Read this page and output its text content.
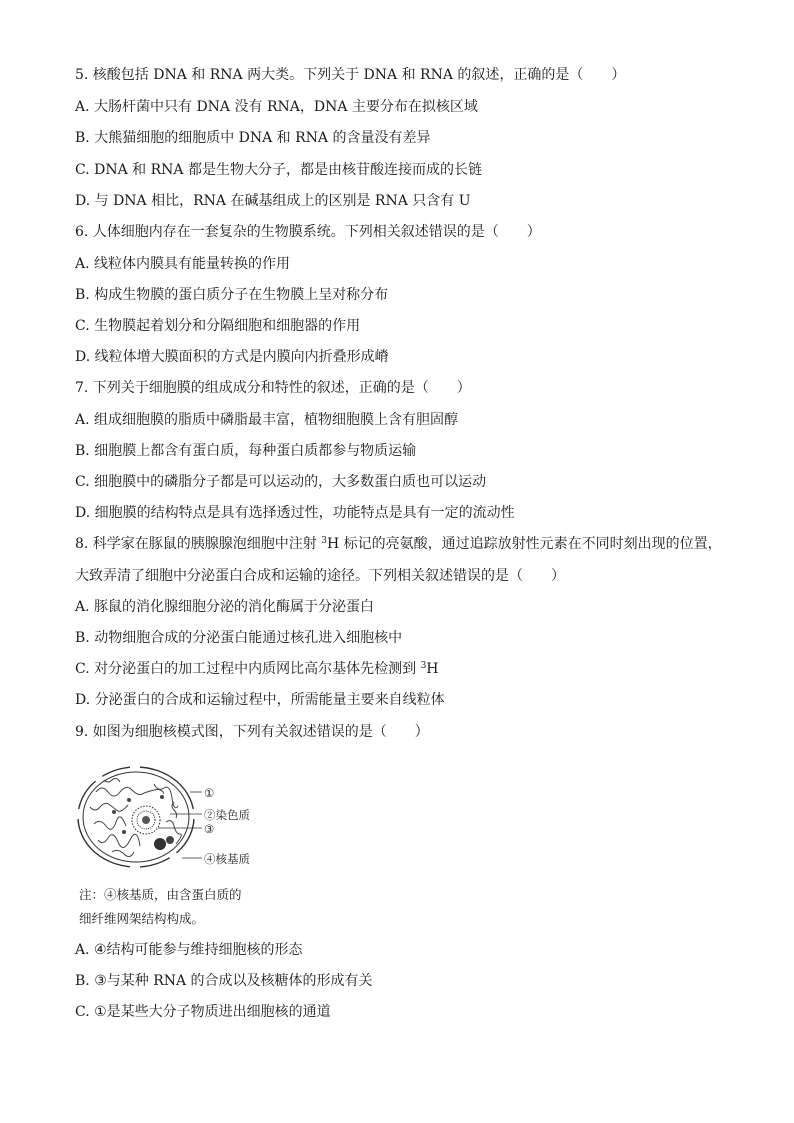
5. 核酸包括 DNA 和 RNA 两大类。下列关于 DNA 和 RNA 的叙述，正确的是（　　）
A. 大肠杆菌中只有 DNA 没有 RNA，DNA 主要分布在拟核区域
B. 大熊猫细胞的细胞质中 DNA 和 RNA 的含量没有差异
C. DNA 和 RNA 都是生物大分子，都是由核苷酸连接而成的长链
D. 与 DNA 相比，RNA 在碱基组成上的区别是 RNA 只含有 U
6. 人体细胞内存在一套复杂的生物膜系统。下列相关叙述错误的是（　　）
A. 线粒体内膜具有能量转换的作用
B. 构成生物膜的蛋白质分子在生物膜上呈对称分布
C. 生物膜起着划分和分隔细胞和细胞器的作用
D. 线粒体增大膜面积的方式是内膜向内折叠形成嵴
7. 下列关于细胞膜的组成成分和特性的叙述，正确的是（　　）
A. 组成细胞膜的脂质中磷脂最丰富，植物细胞膜上含有胆固醇
B. 细胞膜上都含有蛋白质，每种蛋白质都参与物质运输
C. 细胞膜中的磷脂分子都是可以运动的，大多数蛋白质也可以运动
D. 细胞膜的结构特点是具有选择透过性，功能特点是具有一定的流动性
8. 科学家在豚鼠的胰腺腺泡细胞中注射 $^3$H 标记的亮氨酸，通过追踪放射性元素在不同时刻出现的位置，
大致弄清了细胞中分泌蛋白合成和运输的途径。下列相关叙述错误的是（　　）
A. 豚鼠的消化腺细胞分泌的消化酶属于分泌蛋白
B. 动物细胞合成的分泌蛋白能通过核孔进入细胞核中
C. 对分泌蛋白的加工过程中内质网比高尔基体先检测到 $^3$H
D. 分泌蛋白的合成和运输过程中，所需能量主要来自线粒体
9. 如图为细胞核模式图，下列有关叙述错误的是（　　）
①
②染色质
③
④核基质
注：④核基质，由含蛋白质的
细纤维网架结构构成。
A. ④结构可能参与维持细胞核的形态
B. ③与某种 RNA 的合成以及核糖体的形成有关
C. ①是某些大分子物质进出细胞核的通道
